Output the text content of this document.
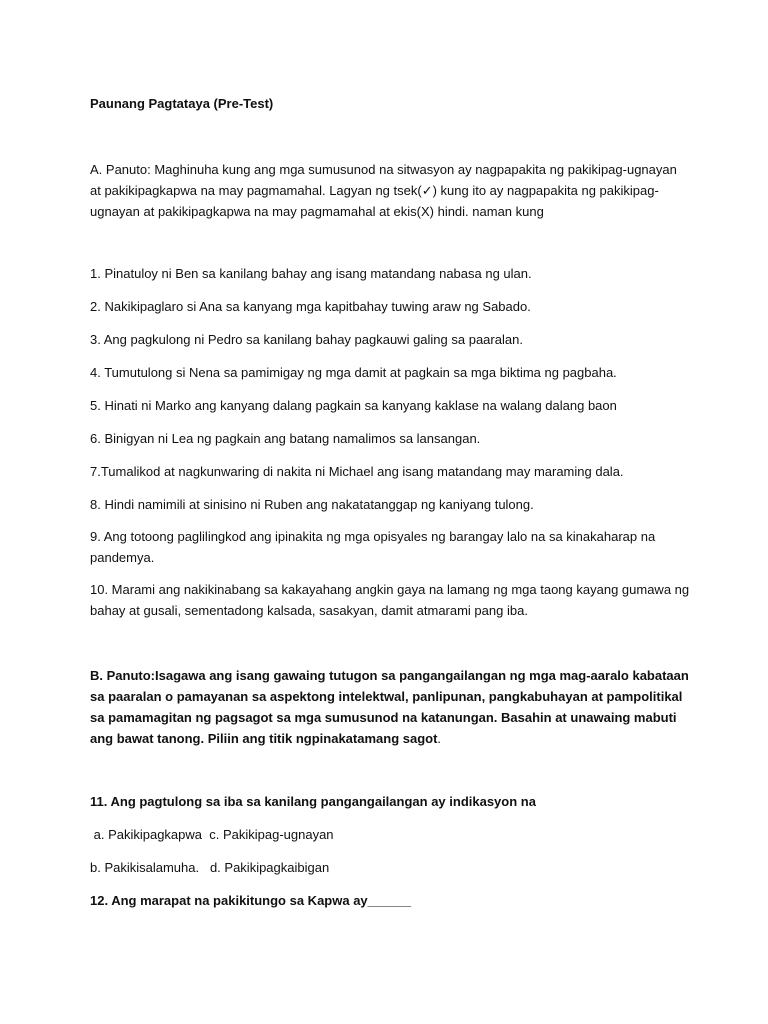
Paunang Pagtataya (Pre-Test)
A. Panuto: Maghinuha kung ang mga sumusunod na sitwasyon ay nagpapakita ng pakikipag-ugnayan at pakikipagkapwa na may pagmamahal. Lagyan ng tsek(✓) kung ito ay nagpapakita ng pakikipag- ugnayan at pakikipagkapwa na may pagmamahal at ekis(X) hindi. naman kung
1. Pinatuloy ni Ben sa kanilang bahay ang isang matandang nabasa ng ulan.
2. Nakikipaglaro si Ana sa kanyang mga kapitbahay tuwing araw ng Sabado.
3. Ang pagkulong ni Pedro sa kanilang bahay pagkauwi galing sa paaralan.
4. Tumutulong si Nena sa pamimigay ng mga damit at pagkain sa mga biktima ng pagbaha.
5. Hinati ni Marko ang kanyang dalang pagkain sa kanyang kaklase na walang dalang baon
6. Binigyan ni Lea ng pagkain ang batang namalimos sa lansangan.
7.Tumalikod at nagkunwaring di nakita ni Michael ang isang matandang may maraming dala.
8. Hindi namimili at sinisino ni Ruben ang nakatatanggap ng kaniyang tulong.
9. Ang totoong paglilingkod ang ipinakita ng mga opisyales ng barangay lalo na sa kinakaharap na pandemya.
10. Marami ang nakikinabang sa kakayahang angkin gaya na lamang ng mga taong kayang gumawa ng bahay at gusali, sementadong kalsada, sasakyan, damit atmarami pang iba.
B. Panuto:Isagawa ang isang gawaing tutugon sa pangangailangan ng mga mag-aaralo kabataan sa paaralan o pamayanan sa aspektong intelektwal, panlipunan, pangkabuhayan at pampolitikal sa pamamagitan ng pagsagot sa mga sumusunod na katanungan. Basahin at unawaing mabuti ang bawat tanong. Piliin ang titik ngpinakatamang sagot.
11. Ang pagtulong sa iba sa kanilang pangangailangan ay indikasyon na
a. Pakikipagkapwa  c. Pakikipag-ugnayan
b. Pakikisalamuha.   d. Pakikipagkaibigan
12. Ang marapat na pakikitungo sa Kapwa ay______
